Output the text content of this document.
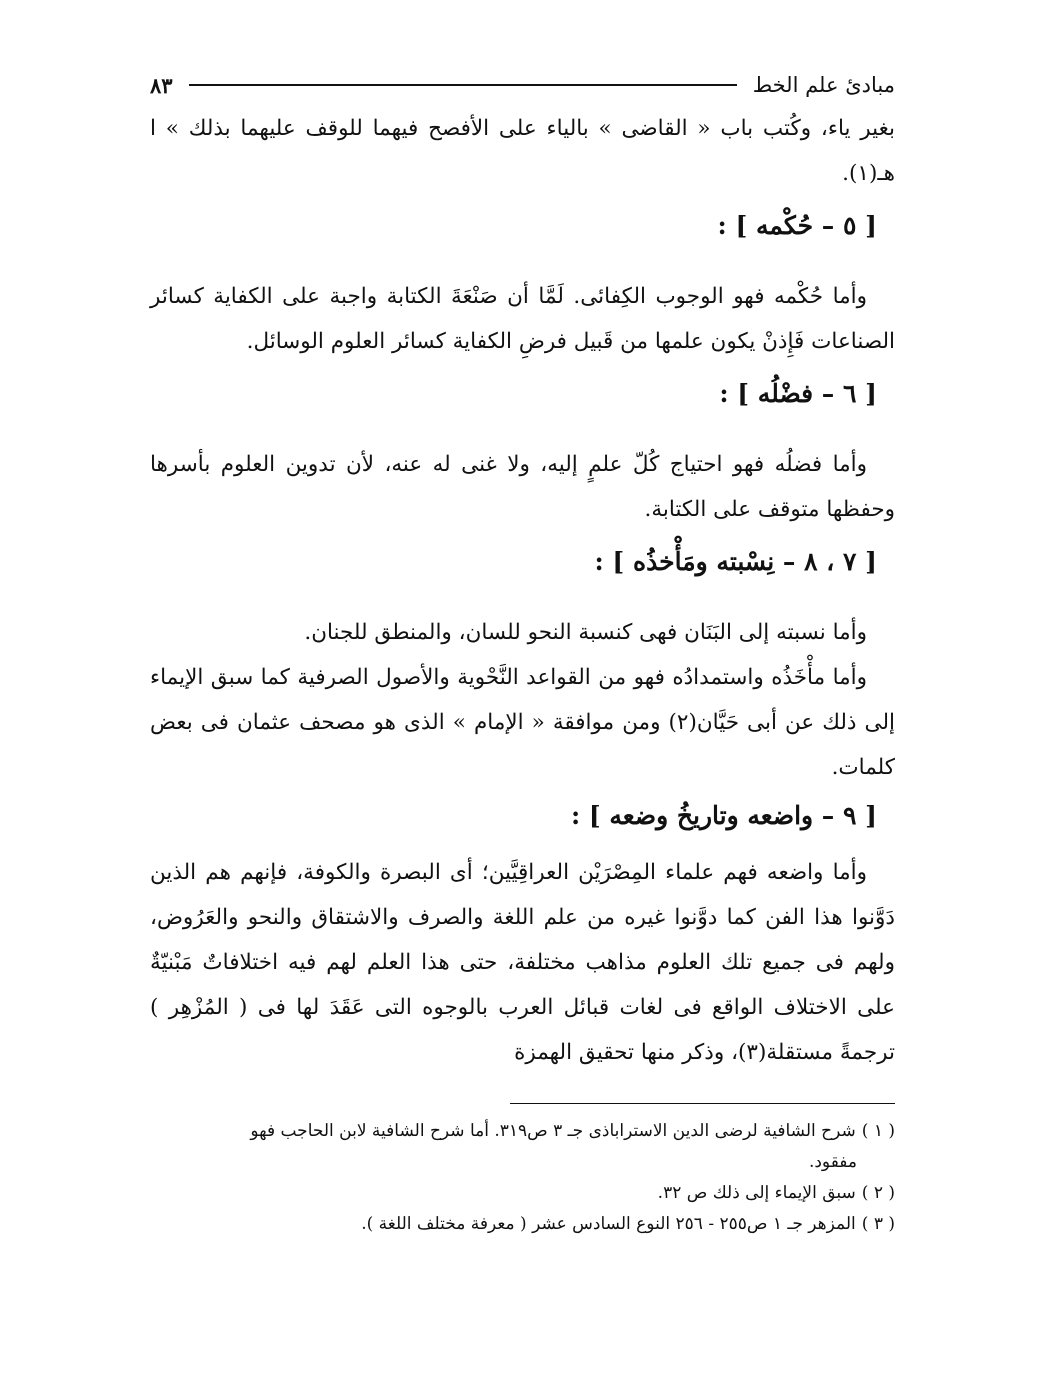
مبادئ علم الخط
٨٣

بغير ياء، وكُتب باب « القاضى » بالياء على الأفصح فيهما للوقف عليهما بذلك » ا هـ(١).

[ ٥ – حُكْمه ] :

وأما حُكْمه فهو الوجوب الكِفائى. لَمَّا أن صَنْعَةَ الكتابة واجبة على الكفاية كسائر الصناعات فَإِذنْ يكون علمها من قَبيل فرضِ الكفاية كسائر العلوم الوسائل.

[ ٦ – فضْلُه ] :

وأما فضلُه فهو احتياج كُلّ علمٍ إليه، ولا غنى له عنه، لأن تدوين العلوم بأسرها وحفظها متوقف على الكتابة.

[ ٧ ، ٨ – نِسْبته ومَأْخذُه ] :

وأما نسبته إلى البَنَان فهى كنسبة النحو للسان، والمنطق للجنان.

وأما مأْخَذُه واستمدادُه فهو من القواعد النَّحْوية والأصول الصرفية كما سبق الإيماء إلى ذلك عن أبى حَيَّان(٢) ومن موافقة « الإمام » الذى هو مصحف عثمان فى بعض كلمات.

[ ٩ – واضعه وتاريخُ وضعه ] :

وأما واضعه فهم علماء المِصْرَيْن العراقِيَّين؛ أى البصرة والكوفة، فإنهم هم الذين دَوَّنوا هذا الفن كما دوَّنوا غيره من علم اللغة والصرف والاشتقاق والنحو والعَرُوض، ولهم فى جميع تلك العلوم مذاهب مختلفة، حتى هذا العلم لهم فيه اختلافاتٌ مَبْنيّةٌ على الاختلاف الواقع فى لغات قبائل العرب بالوجوه التى عَقَدَ لها فى ( المُزْهِر ) ترجمةً مستقلة(٣)، وذكر منها تحقيق الهمزة

( ١ )شرح الشافية لرضى الدين الاستراباذى جـ ٣ ص٣١٩. أما شرح الشافية لابن الحاجب فهو
مفقود.

( ٢ )سبق الإيماء إلى ذلك ص ٣٢.

( ٣ )المزهر جـ ١ ص٢٥٥ - ٢٥٦ النوع السادس عشر ( معرفة مختلف اللغة ).
